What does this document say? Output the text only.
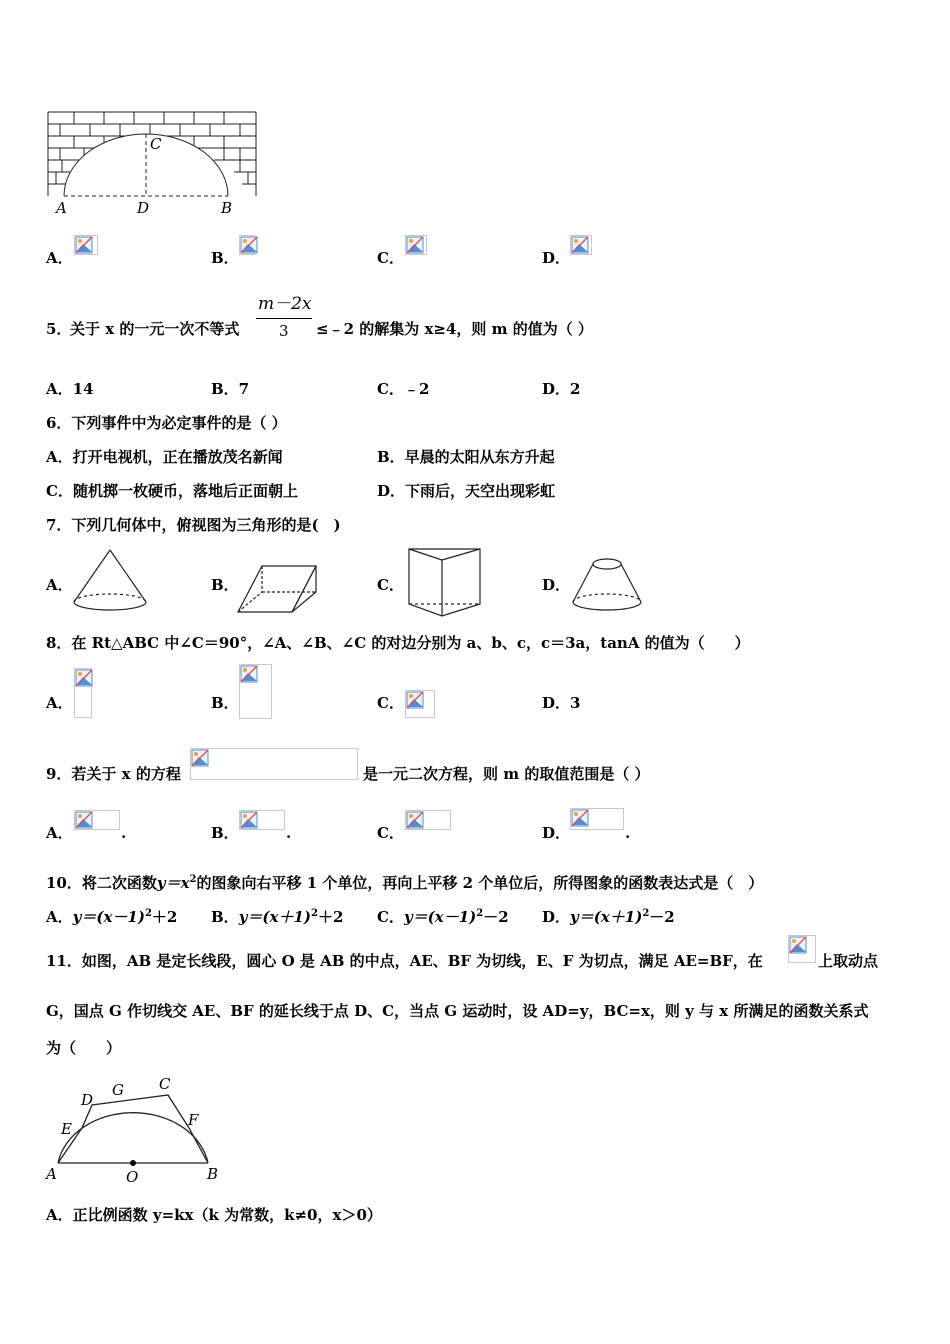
C
A	D	B
A．	B．	C．	D．
5．
关于 x 的一元一次不等式
m－2x
3 ≤﹣2 的解集为 x≥4，则 m 的值为（ ）
A．14	B．7	C．﹣2	D．2
6．下列事件中为必定事件的是（ ）
A．打开电视机，正在播放茂名新闻	B．早晨的太阳从东方升起
C．随机掷一枚硬币，落地后正面朝上	D．下雨后，天空出现彩虹
7．下列几何体中，俯视图为三角形的是(　)
A．	B．	C．	D．
8．在 Rt△ABC 中∠C＝90°，∠A、∠B、∠C 的对边分别为 a、b、c，c＝3a，tanA 的值为（　　）
A．	B．	C．	D．3
9．若关于 x 的方程	是一元二次方程，则 m 的取值范围是（ ）
A．	.	B．	.	C．	D．	.
10．将二次函数$y=x^2$的图象向右平移 1 个单位，再向上平移 2 个单位后，所得图象的函数表达式是（　）
A．$y=(x-1)^2+2$ B．$y=(x+1)^2+2$ C．$y=(x-1)^2-2$ D．$y=(x+1)^2-2$
11．如图，AB 是定长线段，圆心 O 是 AB 的中点，AE、BF 为切线，E、F 为切点，满足 AE=BF，在	上取动点
G，国点 G 作切线交 AE、BF 的延长线于点 D、C，当点 G 运动时，设 AD=y，BC=x，则 y 与 x 所满足的函数关系式
为（　　）
D
G C
E	F
A	O	B
A．正比例函数 y=kx（k 为常数，k≠0，x＞0）
